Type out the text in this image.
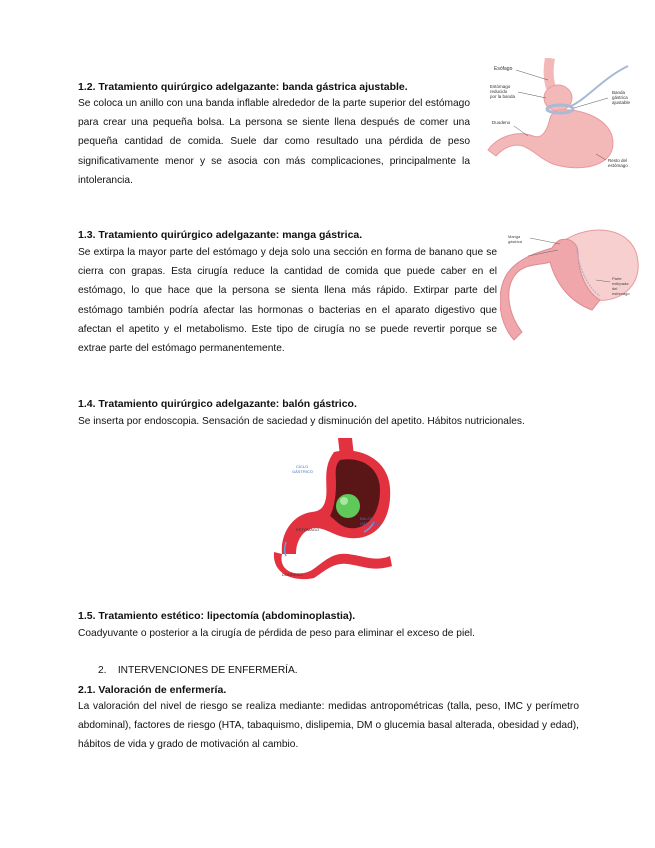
1.2. Tratamiento quirúrgico adelgazante: banda gástrica ajustable.
Se coloca un anillo con una banda inflable alrededor de la parte superior del estómago para crear una pequeña bolsa. La persona se siente llena después de comer una pequeña cantidad de comida. Suele dar como resultado una pérdida de peso significativamente menor y se asocia con más complicaciones, principalmente la intolerancia.
Esófago
Estómago reducido por la banda
Duodeno
Banda gástrica ajustable
Resto del estómago
1.3. Tratamiento quirúrgico adelgazante: manga gástrica.
Se extirpa la mayor parte del estómago y deja solo una sección en forma de banano que se cierra con grapas. Esta cirugía reduce la cantidad de comida que puede caber en el estómago, lo que hace que la persona se sienta llena más rápido. Extirpar parte del estómago también podría afectar las hormonas o bacterias en el aparato digestivo que afectan el apetito y el metabolismo. Este tipo de cirugía no se puede revertir porque se extrae parte del estómago permanentemente.
Manga gástrica
Parte extirpada del estómago
1.4. Tratamiento quirúrgico adelgazante: balón gástrico.
Se inserta por endoscopia. Sensación de saciedad y disminución del apetito. Hábitos nutricionales.
CICLO GÁSTRICO
BALÓN GÁSTRICO
ESTÓMAGO
DUODENO
1.5. Tratamiento estético: lipectomía (abdominoplastia).
Coadyuvante o posterior a la cirugía de pérdida de peso para eliminar el exceso de piel.
2.    INTERVENCIONES DE ENFERMERÍA.
2.1. Valoración de enfermería.
La valoración del nivel de riesgo se realiza mediante: medidas antropométricas (talla, peso, IMC y perímetro abdominal), factores de riesgo (HTA, tabaquismo, dislipemia, DM o glucemia basal alterada, obesidad y edad), hábitos de vida y grado de motivación al cambio.
